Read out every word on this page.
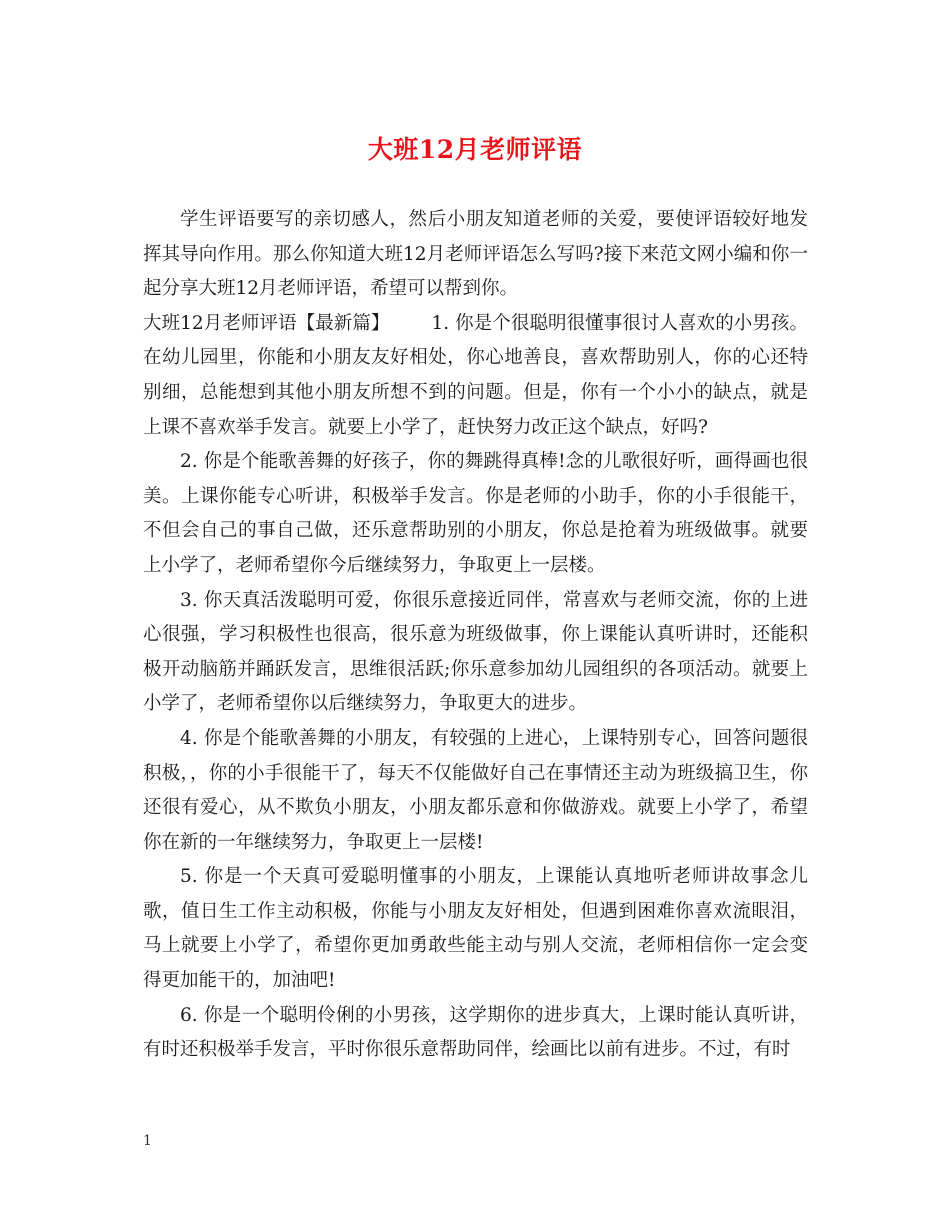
大班12月老师评语

学生评语要写的亲切感人，然后小朋友知道老师的关爱，要使评语较好地发挥其导向作用。那么你知道大班12月老师评语怎么写吗?接下来范文网小编和你一起分享大班12月老师评语，希望可以帮到你。

大班12月老师评语【最新篇】 1. 你是个很聪明很懂事很讨人喜欢的小男孩。在幼儿园里，你能和小朋友友好相处，你心地善良，喜欢帮助别人，你的心还特别细，总能想到其他小朋友所想不到的问题。但是，你有一个小小的缺点，就是上课不喜欢举手发言。就要上小学了，赶快努力改正这个缺点，好吗?

2. 你是个能歌善舞的好孩子，你的舞跳得真棒!念的儿歌很好听，画得画也很美。上课你能专心听讲，积极举手发言。你是老师的小助手，你的小手很能干，不但会自己的事自己做，还乐意帮助别的小朋友，你总是抢着为班级做事。就要上小学了，老师希望你今后继续努力，争取更上一层楼。

3. 你天真活泼聪明可爱，你很乐意接近同伴，常喜欢与老师交流，你的上进心很强，学习积极性也很高，很乐意为班级做事，你上课能认真听讲时，还能积极开动脑筋并踊跃发言，思维很活跃;你乐意参加幼儿园组织的各项活动。就要上小学了，老师希望你以后继续努力，争取更大的进步。

4. 你是个能歌善舞的小朋友，有较强的上进心，上课特别专心，回答问题很积极，，你的小手很能干了，每天不仅能做好自己在事情还主动为班级搞卫生，你还很有爱心，从不欺负小朋友，小朋友都乐意和你做游戏。就要上小学了，希望你在新的一年继续努力，争取更上一层楼!

5. 你是一个天真可爱聪明懂事的小朋友，上课能认真地听老师讲故事念儿歌，值日生工作主动积极，你能与小朋友友好相处，但遇到困难你喜欢流眼泪，马上就要上小学了，希望你更加勇敢些能主动与别人交流，老师相信你一定会变得更加能干的，加油吧!

6. 你是一个聪明伶俐的小男孩，这学期你的进步真大，上课时能认真听讲，有时还积极举手发言，平时你很乐意帮助同伴，绘画比以前有进步。不过，有时

1
